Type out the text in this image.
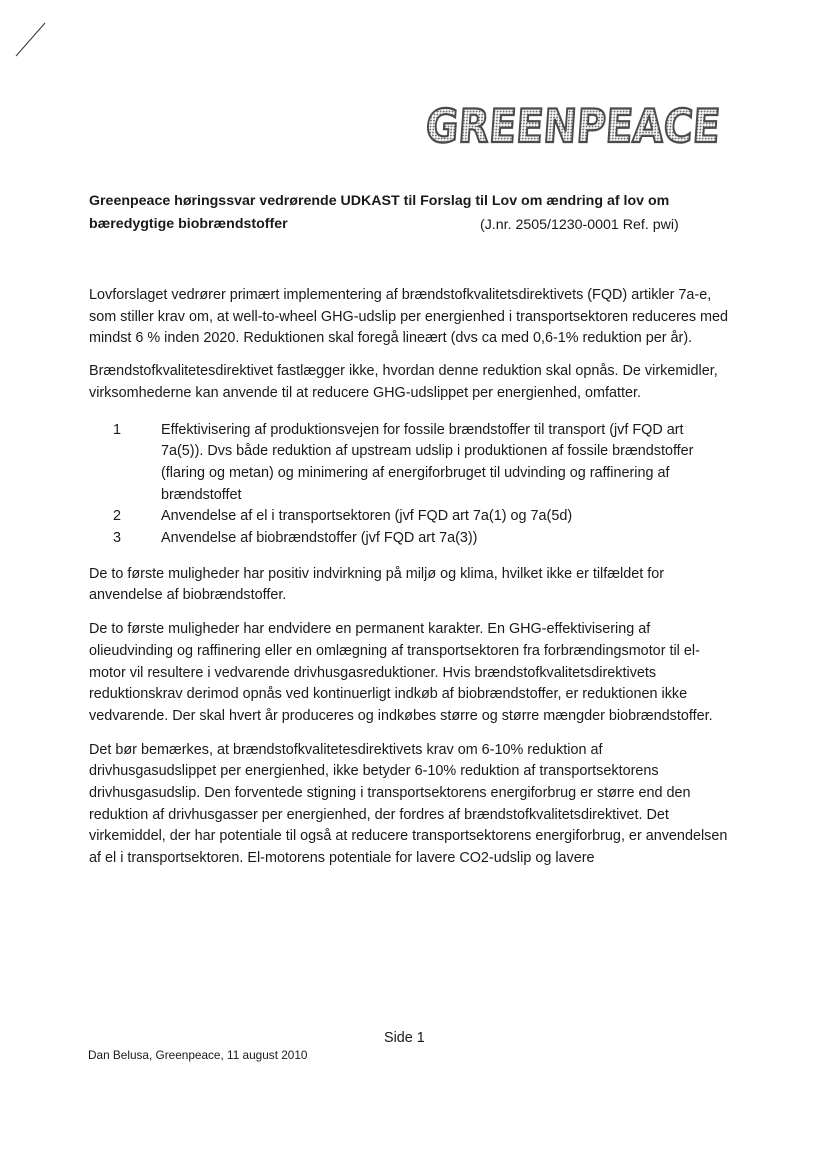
GREENPEACE
Greenpeace høringssvar vedrørende UDKAST til Forslag til Lov om ændring af lov om
bæredygtige biobrændstoffer	(J.nr. 2505/1230-0001 Ref. pwi)

Lovforslaget vedrører primært implementering af brændstofkvalitetsdirektivets (FQD) artikler 7a-e, som stiller krav om, at well-to-wheel GHG-udslip per energienhed i transportsektoren reduceres med mindst 6 % inden 2020. Reduktionen skal foregå lineært (dvs ca med 0,6-1% reduktion per år).

Brændstofkvalitetesdirektivet fastlægger ikke, hvordan denne reduktion skal opnås. De virkemidler, virksomhederne kan anvende til at reducere GHG-udslippet per energienhed, omfatter.

1	Effektivisering af produktionsvejen for fossile brændstoffer til transport (jvf FQD art 7a(5)). Dvs både reduktion af upstream udslip i produktionen af fossile brændstoffer (flaring og metan) og minimering af energiforbruget til udvinding og raffinering af brændstoffet
2	Anvendelse af el i transportsektoren (jvf FQD art 7a(1) og 7a(5d)
3	Anvendelse af biobrændstoffer (jvf FQD art 7a(3))

De to første muligheder har positiv indvirkning på miljø og klima, hvilket ikke er tilfældet for anvendelse af biobrændstoffer.

De to første muligheder har endvidere en permanent karakter. En GHG-effektivisering af olieudvinding og raffinering eller en omlægning af transportsektoren fra forbrændingsmotor til el-motor vil resultere i vedvarende drivhusgasreduktioner. Hvis brændstofkvalitetsdirektivets reduktionskrav derimod opnås ved kontinuerligt indkøb af biobrændstoffer, er reduktionen ikke vedvarende. Der skal hvert år produceres og indkøbes større og større mængder biobrændstoffer.

Det bør bemærkes, at brændstofkvalitetesdirektivets krav om 6-10% reduktion af drivhusgasudslippet per energienhed, ikke betyder 6-10% reduktion af transportsektorens drivhusgasudslip. Den forventede stigning i transportsektorens energiforbrug er større end den reduktion af drivhusgasser per energienhed, der fordres af brændstofkvalitetsdirektivet. Det virkemiddel, der har potentiale til også at reducere transportsektorens energiforbrug, er anvendelsen af el i transportsektoren. El-motorens potentiale for lavere CO2-udslip og lavere

Side 1
Dan Belusa, Greenpeace, 11 august 2010
